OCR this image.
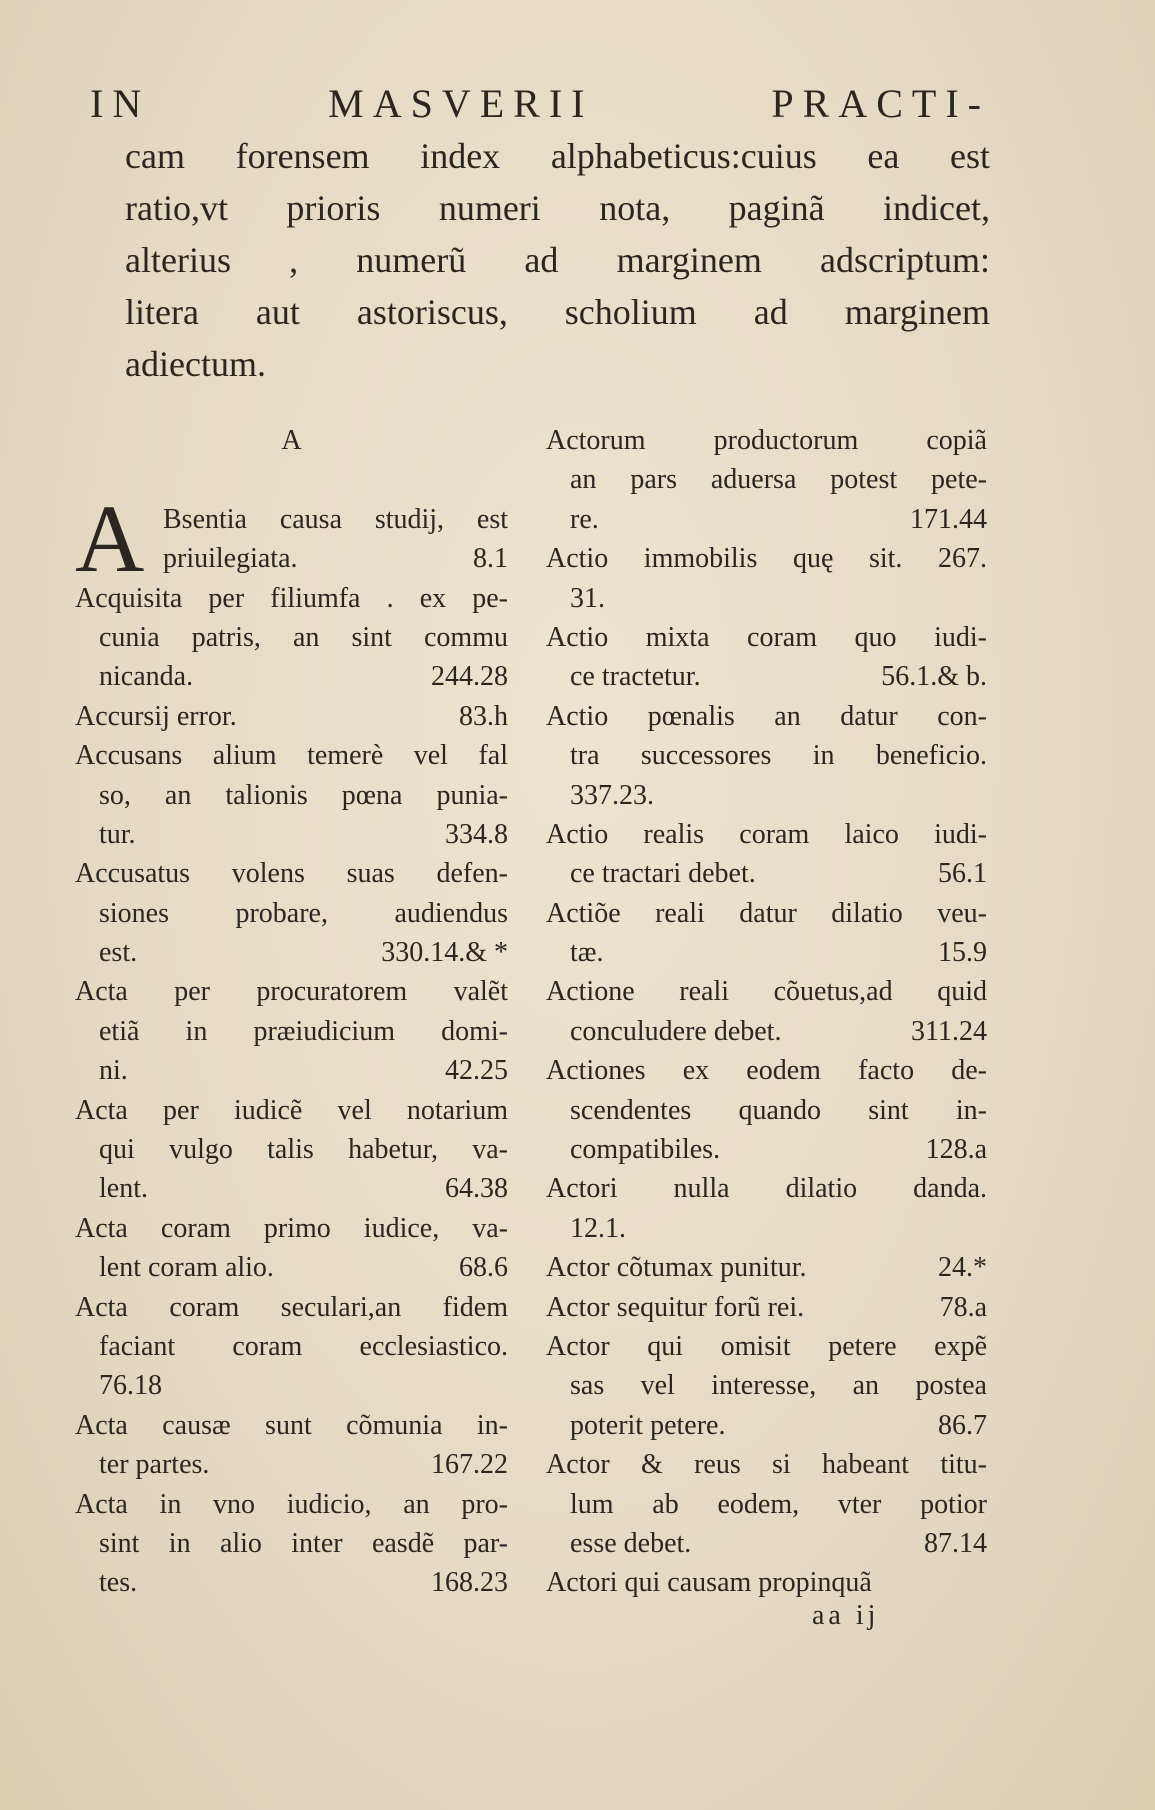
IN MASVERII PRACTI-
cam forensem index alphabeticus:cuius ea est
ratio,vt prioris numeri nota, paginã indicet,
alterius , numerũ ad marginem adscriptum:
litera aut astoriscus, scholium ad marginem
adiectum.
A
A Bsentia causa studij, est
priuilegiata.	8.1
Acquisita per filiumfa . ex pe-
cunia patris, an sint commu
nicanda.	244.28
Accursij error.	83.h
Accusans alium temerè vel fal
so, an talionis pœna punia-
tur.	334.8
Accusatus volens suas defen-
siones probare, audiendus
est.	330.14.& *
Acta per procuratorem valẽt
etiã in præiudicium domi-
ni.	42.25
Acta per iudicẽ vel notarium
qui vulgo talis habetur, va-
lent.	64.38
Acta coram primo iudice, va-
lent coram alio.	68.6
Acta coram seculari,an fidem
faciant coram ecclesiastico.
76.18
Acta causæ sunt cõmunia in-
ter partes.	167.22
Acta in vno iudicio, an pro-
sint in alio inter easdẽ par-
tes.	168.23
Actorum productorum copiã
an pars aduersa potest pete-
re.	171.44
Actio immobilis quę sit. 267.
31.
Actio mixta coram quo iudi-
ce tractetur.	56.1.& b.
Actio pœnalis an datur con-
tra successores in beneficio.
337.23.
Actio realis coram laico iudi-
ce tractari debet.	56.1
Actiõe reali datur dilatio veu-
tæ.	15.9
Actione reali cõuetus,ad quid
conculudere debet.	311.24
Actiones ex eodem facto de-
scendentes quando sint in-
compatibiles.	128.a
Actori nulla dilatio danda.
12.1.
Actor cõtumax punitur.	24.*
Actor sequitur forũ rei.	78.a
Actor qui omisit petere expẽ
sas vel interesse, an postea
poterit petere.	86.7
Actor & reus si habeant titu-
lum ab eodem, vter potior
esse debet.	87.14
Actori qui causam propinquã
aa ij
